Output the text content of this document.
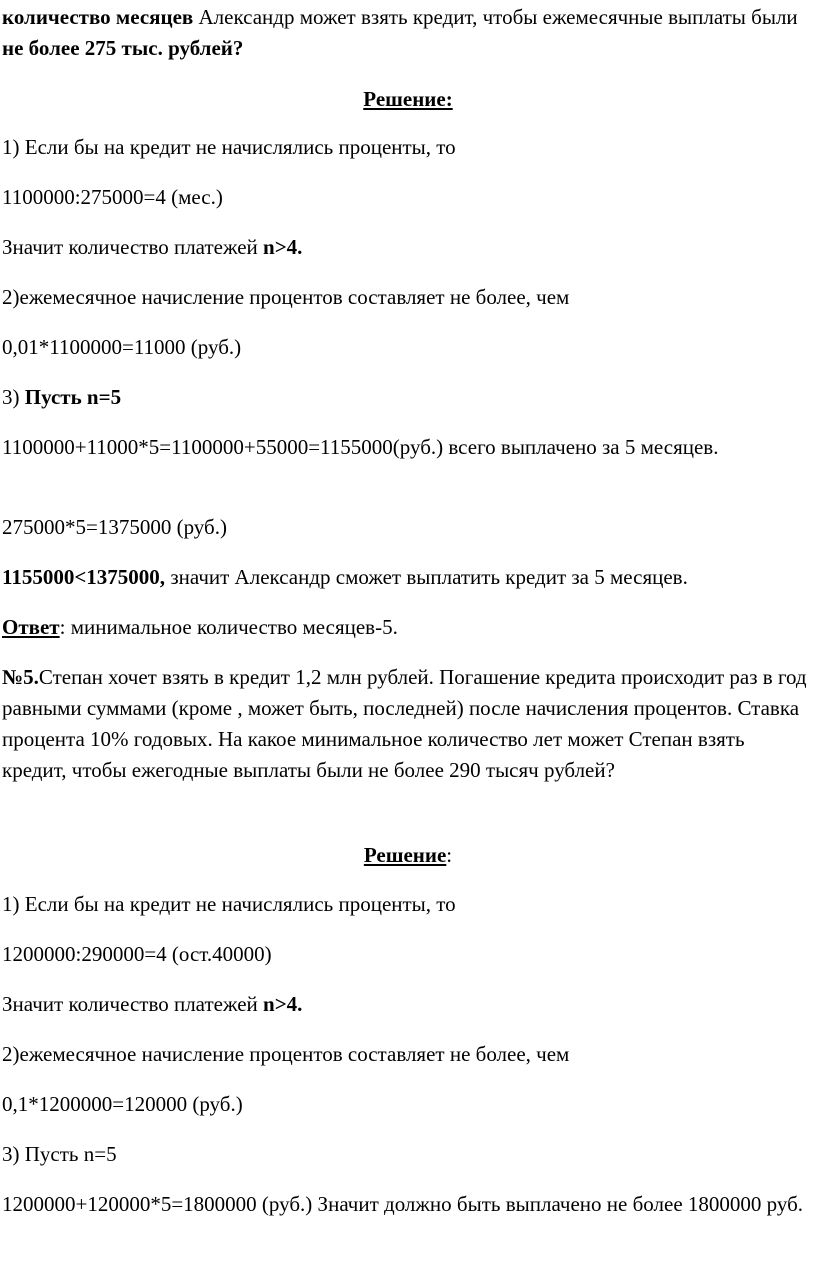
количество месяцев Александр может взять кредит, чтобы ежемесячные выплаты были не более 275 тыс. рублей?

Решение:

1) Если бы на кредит не начислялись проценты, то

1100000:275000=4 (мес.)

Значит количество платежей n>4.

2)ежемесячное начисление процентов составляет не более, чем

0,01*1100000=11000 (руб.)

3) Пусть n=5

1100000+11000*5=1100000+55000=1155000(руб.) всего выплачено за 5 месяцев.

275000*5=1375000 (руб.)

1155000<1375000, значит Александр сможет выплатить кредит за 5 месяцев.

Ответ: минимальное количество месяцев-5.

№5.Степан хочет взять в кредит 1,2 млн рублей. Погашение кредита происходит раз в год равными суммами (кроме , может быть, последней) после начисления процентов. Ставка процента 10% годовых. На какое минимальное количество лет может Степан взять кредит, чтобы ежегодные выплаты были не более 290 тысяч рублей?

Решение:

1) Если бы на кредит не начислялись проценты, то

1200000:290000=4 (ост.40000)

Значит количество платежей n>4.

2)ежемесячное начисление процентов составляет не более, чем

0,1*1200000=120000 (руб.)

3) Пусть n=5

1200000+120000*5=1800000 (руб.) Значит должно быть выплачено не более 1800000 руб.
